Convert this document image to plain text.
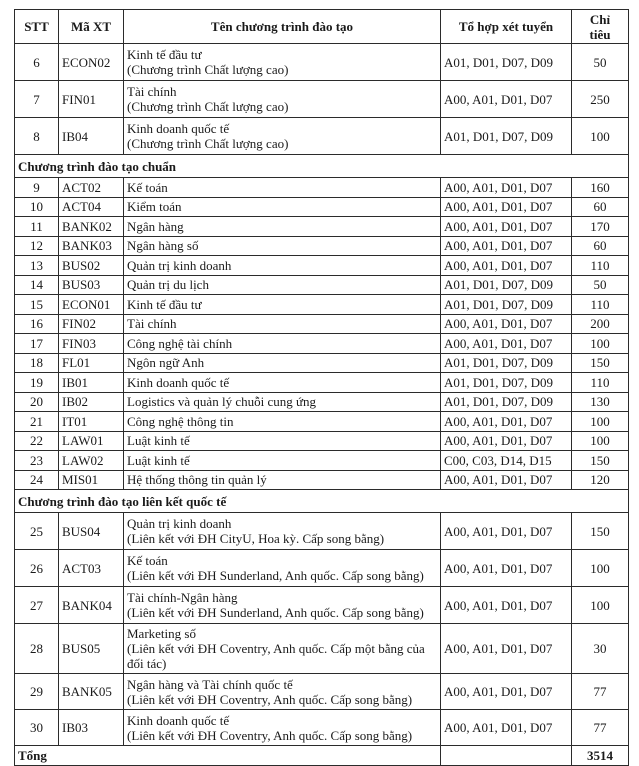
STT	Mã XT	Tên chương trình đào tạo	Tổ hợp xét tuyển	Chỉ
tiêu

6	ECON02	Kinh tế đầu tư
(Chương trình Chất lượng cao)	A01, D01, D07, D09	50
7	FIN01	Tài chính
(Chương trình Chất lượng cao)	A00, A01, D01, D07	250
8	IB04	Kinh doanh quốc tế
(Chương trình Chất lượng cao)	A01, D01, D07, D09	100
Chương trình đào tạo chuẩn				
9	ACT02	Kế toán	A00, A01, D01, D07	160
10	ACT04	Kiểm toán	A00, A01, D01, D07	60
11	BANK02	Ngân hàng	A00, A01, D01, D07	170
12	BANK03	Ngân hàng số	A00, A01, D01, D07	60
13	BUS02	Quản trị kinh doanh	A00, A01, D01, D07	110
14	BUS03	Quản trị du lịch	A01, D01, D07, D09	50
15	ECON01	Kinh tế đầu tư	A01, D01, D07, D09	110
16	FIN02	Tài chính	A00, A01, D01, D07	200
17	FIN03	Công nghệ tài chính	A00, A01, D01, D07	100
18	FL01	Ngôn ngữ Anh	A01, D01, D07, D09	150
19	IB01	Kinh doanh quốc tế	A01, D01, D07, D09	110
20	IB02	Logistics và quản lý chuỗi cung ứng	A01, D01, D07, D09	130
21	IT01	Công nghệ thông tin	A00, A01, D01, D07	100
22	LAW01	Luật kinh tế	A00, A01, D01, D07	100
23	LAW02	Luật kinh tế	C00, C03, D14, D15	150
24	MIS01	Hệ thống thông tin quản lý	A00, A01, D01, D07	120
Chương trình đào tạo liên kết quốc tế				
25	BUS04	Quản trị kinh doanh
(Liên kết với ĐH CityU, Hoa kỳ. Cấp song bằng)	A00, A01, D01, D07	150
26	ACT03	Kế toán
(Liên kết với ĐH Sunderland, Anh quốc. Cấp song bằng)	A00, A01, D01, D07	100
27	BANK04	Tài chính-Ngân hàng
(Liên kết với ĐH Sunderland, Anh quốc. Cấp song bằng)	A00, A01, D01, D07	100
28	BUS05	Marketing số
(Liên kết với ĐH Coventry, Anh quốc. Cấp một bằng của
đối tác)	A00, A01, D01, D07	30
29	BANK05	Ngân hàng và Tài chính quốc tế
(Liên kết với ĐH Coventry, Anh quốc. Cấp song bằng)	A00, A01, D01, D07	77
30	IB03	Kinh doanh quốc tế
(Liên kết với ĐH Coventry, Anh quốc. Cấp song bằng)	A00, A01, D01, D07	77
Tổng				3514
